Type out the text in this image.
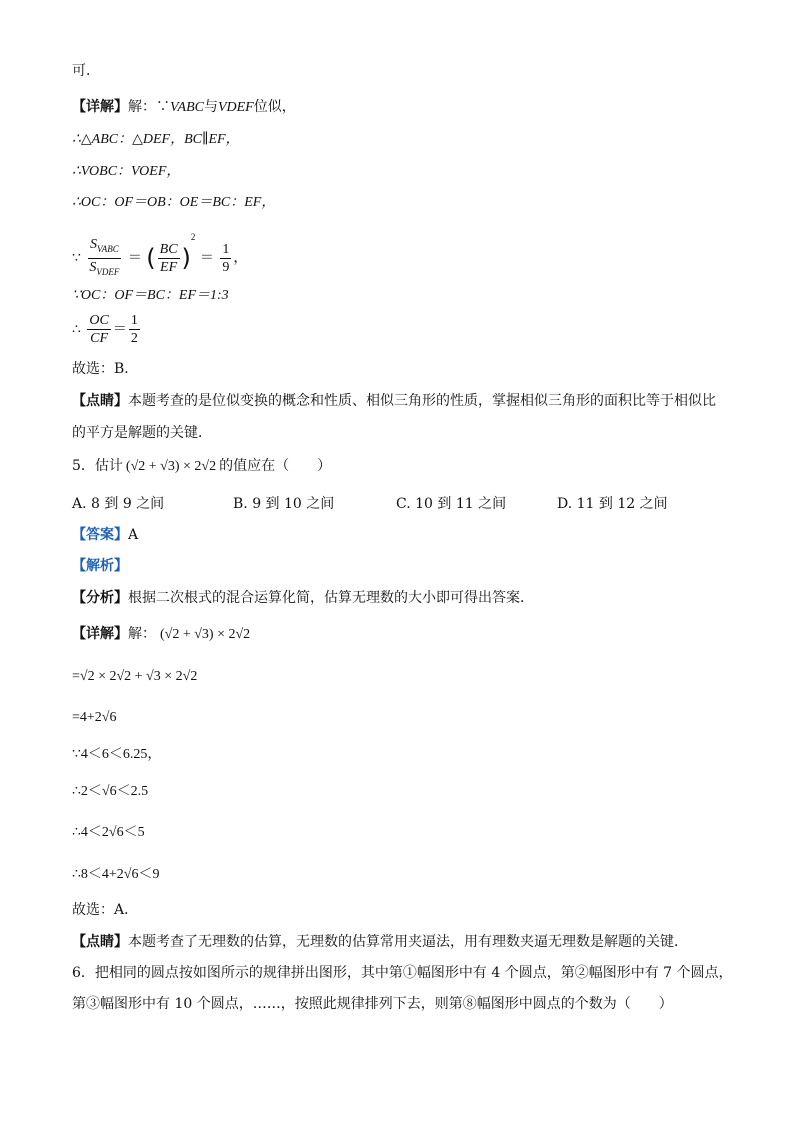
可．
【详解】解：∵VABC与VDEF位似，
∴△ABC：△DEF，BC∥EF，
∴VOBC：VOEF，
∴OC：OF＝OB：OE＝BC：EF，
∵ $\frac{S_{VABC}}{S_{VDEF}}$ ＝ ( $\frac{BC}{EF} )^2 = \frac{1}{9}$ ，
∵OC：OF＝BC：EF＝1:3
∴ $\frac{OC}{CF} = \frac{1}{2}$
故选：B．
【点睛】本题考查的是位似变换的概念和性质、相似三角形的性质，掌握相似三角形的面积比等于相似比
的平方是解题的关键．
5．估计 (√2 + √3) × 2√2 的值应在（　　）
A. 8 到 9 之间	B. 9 到 10 之间	C. 10 到 11 之间	D. 11 到 12 之间
【答案】A
【解析】
【分析】根据二次根式的混合运算化简，估算无理数的大小即可得出答案．
【详解】解： (√2 + √3) × 2√2
=√2 × 2√2 + √3 × 2√2
=4+2√6
∵4＜6＜6.25，
∴2＜√6＜2.5
∴4＜2√6＜5
∴8＜4+2√6＜9
故选：A．
【点睛】本题考查了无理数的估算，无理数的估算常用夹逼法，用有理数夹逼无理数是解题的关键．
6．把相同的圆点按如图所示的规律拼出图形，其中第①幅图形中有 4 个圆点，第②幅图形中有 7 个圆点，
第③幅图形中有 10 个圆点，……，按照此规律排列下去，则第⑧幅图形中圆点的个数为（　　）
